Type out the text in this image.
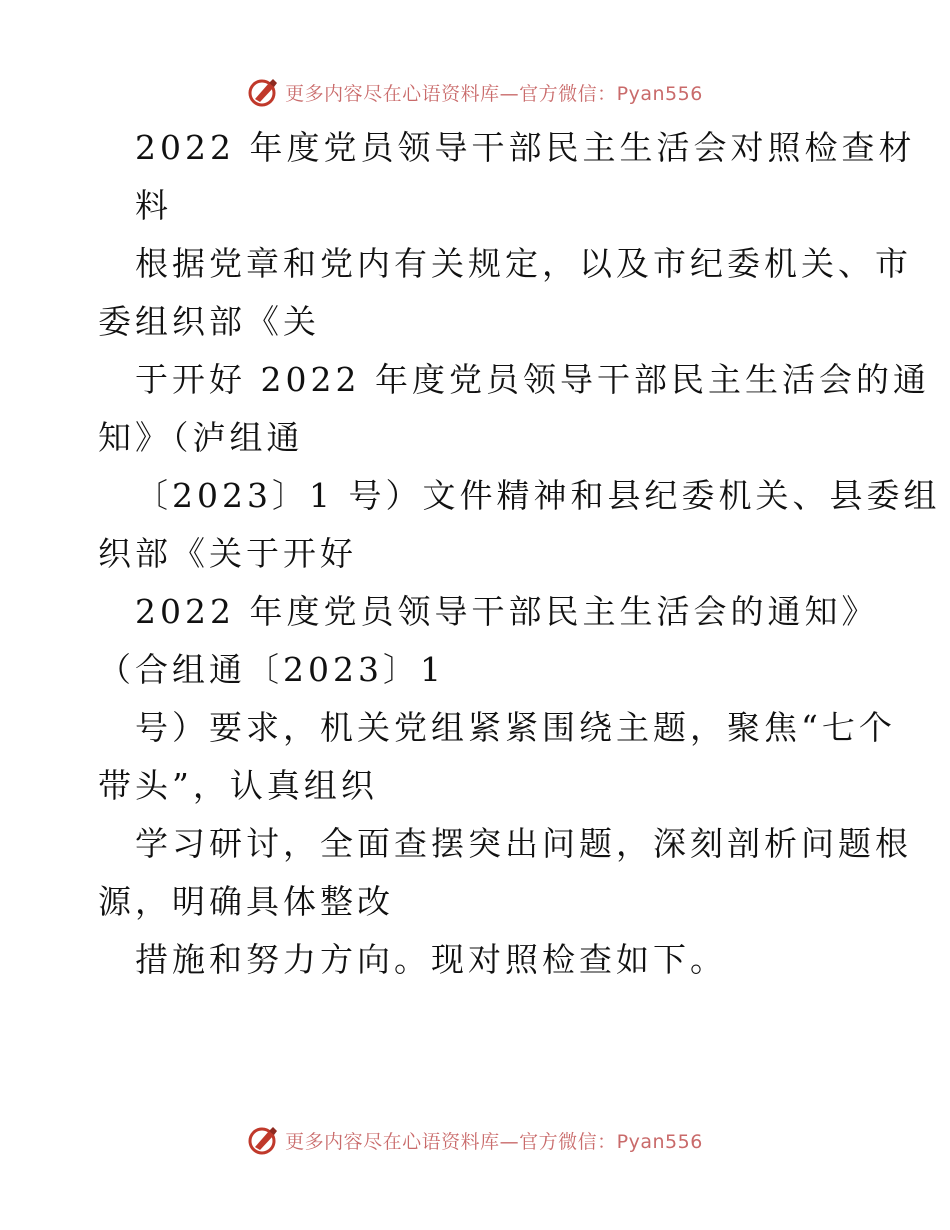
更多内容尽在心语资料库—官方微信：Pyan556
2022 年度党员领导干部民主生活会对照检查材
料
根据党章和党内有关规定，以及市纪委机关、市
委组织部《关
于开好 2022 年度党员领导干部民主生活会的通
知》（泸组通
〔2023〕1 号）文件精神和县纪委机关、县委组
织部《关于开好
2022 年度党员领导干部民主生活会的通知》
（合组通〔2023〕1
号）要求，机关党组紧紧围绕主题，聚焦“七个
带头”，认真组织
学习研讨，全面查摆突出问题，深刻剖析问题根
源，明确具体整改
措施和努力方向。现对照检查如下。
更多内容尽在心语资料库—官方微信：Pyan556
